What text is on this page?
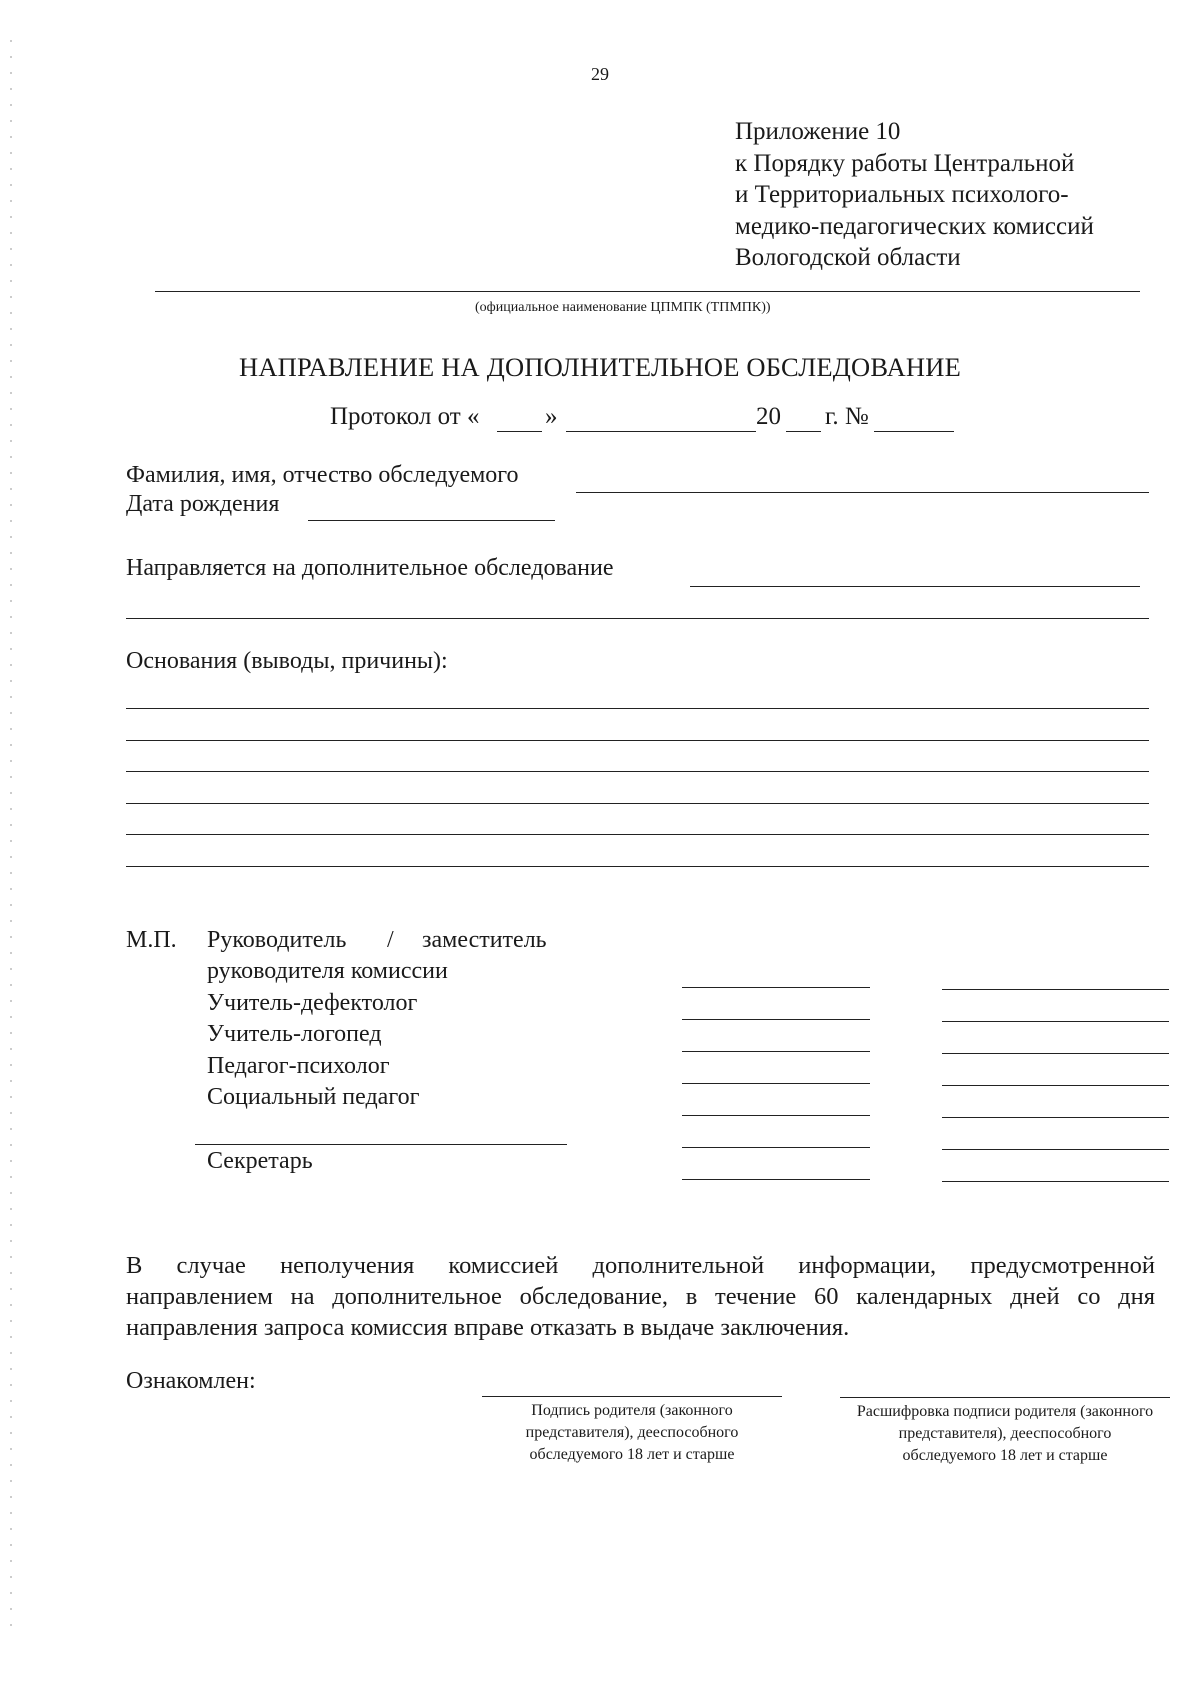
29
Приложение 10
к Порядку работы Центральной
и Территориальных психолого-
медико-педагогических комиссий
Вологодской области
(официальное наименование ЦПМПК (ТПМПК))
НАПРАВЛЕНИЕ НА ДОПОЛНИТЕЛЬНОЕ ОБСЛЕДОВАНИЕ
Протокол от «	»	20 г. №
Фамилия, имя, отчество обследуемого
Дата рождения
Направляется на дополнительное обследование
Основания (выводы, причины):
М.П. Руководитель / заместитель
руководителя комиссии
Учитель-дефектолог
Учитель-логопед
Педагог-психолог
Социальный педагог
Секретарь
В случае неполучения комиссией дополнительной информации, предусмотренной
направлением на дополнительное обследование, в течение 60 календарных дней со дня
направления запроса комиссия вправе отказать в выдаче заключения.
Ознакомлен:
Подпись родителя (законного представителя), дееспособного обследуемого 18 лет и старше
Расшифровка подписи родителя (законного представителя), дееспособного обследуемого 18 лет и старше
